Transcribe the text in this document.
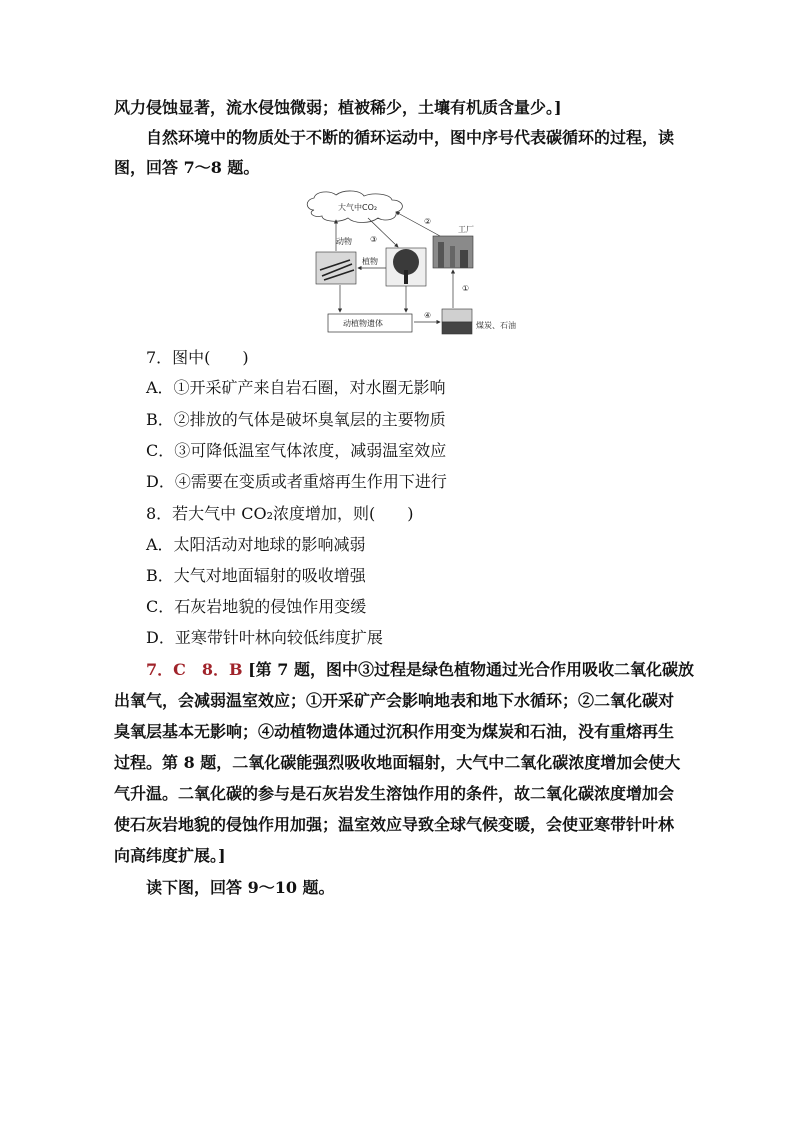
风力侵蚀显著，流水侵蚀微弱；植被稀少，土壤有机质含量少。]
自然环境中的物质处于不断的循环运动中，图中序号代表碳循环的过程，读
图，回答 7～8 题。
大气中CO₂
工厂
动物
植物
动植物遗体	煤炭、石油
①
②
③
④
7．图中(　　)
A．①开采矿产来自岩石圈，对水圈无影响
B．②排放的气体是破坏臭氧层的主要物质
C．③可降低温室气体浓度，减弱温室效应
D．④需要在变质或者重熔再生作用下进行
8．若大气中 CO₂浓度增加，则(　　)
A．太阳活动对地球的影响减弱
B．大气对地面辐射的吸收增强
C．石灰岩地貌的侵蚀作用变缓
D．亚寒带针叶林向较低纬度扩展
7．C　8．B [第 7 题，图中③过程是绿色植物通过光合作用吸收二氧化碳放
出氧气，会减弱温室效应；①开采矿产会影响地表和地下水循环；②二氧化碳对
臭氧层基本无影响；④动植物遗体通过沉积作用变为煤炭和石油，没有重熔再生
过程。第 8 题，二氧化碳能强烈吸收地面辐射，大气中二氧化碳浓度增加会使大
气升温。二氧化碳的参与是石灰岩发生溶蚀作用的条件，故二氧化碳浓度增加会
使石灰岩地貌的侵蚀作用加强；温室效应导致全球气候变暖，会使亚寒带针叶林
向高纬度扩展。]
读下图，回答 9～10 题。
